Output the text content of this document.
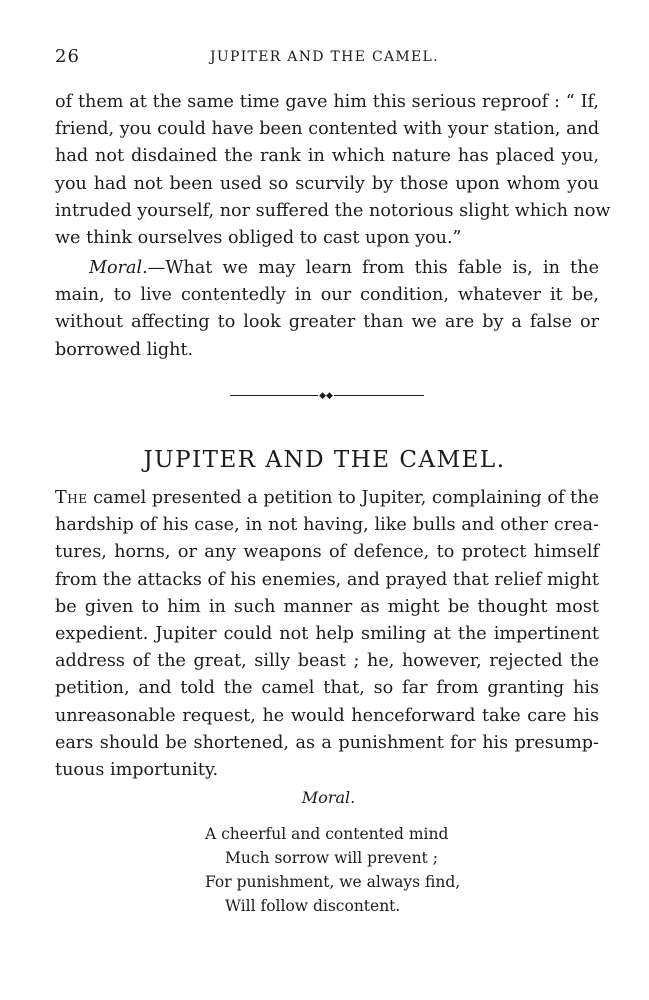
26	JUPITER AND THE CAMEL.
of them at the same time gave him this serious reproof : “ If,
friend, you could have been contented with your station, and
had not disdained the rank in which nature has placed you,
you had not been used so scurvily by those upon whom you
intruded yourself, nor suffered the notorious slight which now
we think ourselves obliged to cast upon you.”
Moral.—What we may learn from this fable is, in the
main, to live contentedly in our condition, whatever it be,
without affecting to look greater than we are by a false or
borrowed light.
◆◆
JUPITER AND THE CAMEL.
The camel presented a petition to Jupiter, complaining of the
hardship of his case, in not having, like bulls and other crea-
tures, horns, or any weapons of defence, to protect himself
from the attacks of his enemies, and prayed that relief might
be given to him in such manner as might be thought most
expedient. Jupiter could not help smiling at the impertinent
address of the great, silly beast ; he, however, rejected the
petition, and told the camel that, so far from granting his
unreasonable request, he would henceforward take care his
ears should be shortened, as a punishment for his presump-
tuous importunity.
Moral.
A cheerful and contented mind
Much sorrow will prevent ;
For punishment, we always find,
Will follow discontent.
